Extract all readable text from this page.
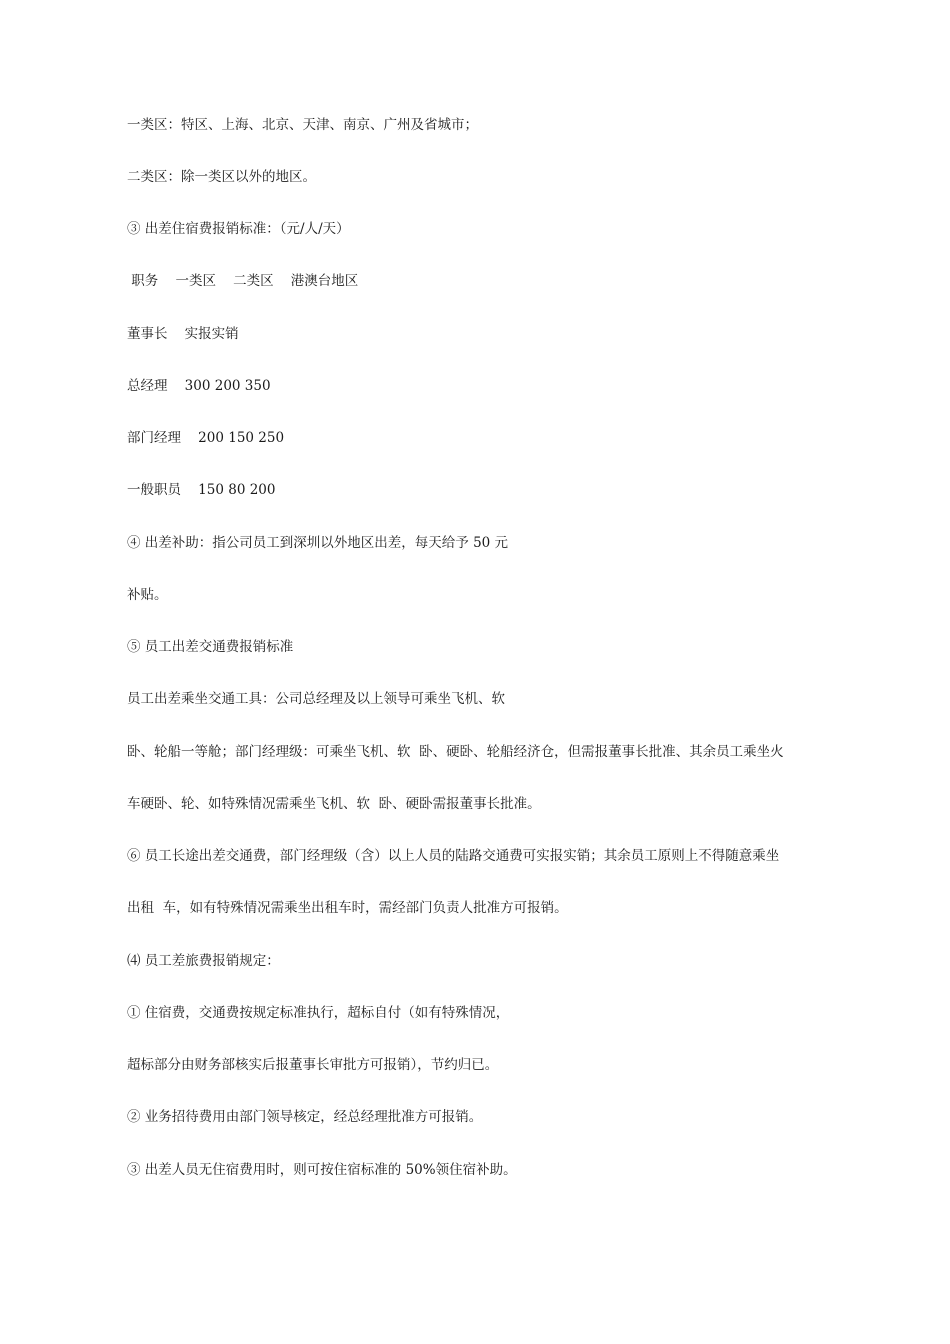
一类区：特区、上海、北京、天津、南京、广州及省城市；
二类区：除一类区以外的地区。
③ 出差住宿费报销标准：（元/人/天）
职务    一类区    二类区    港澳台地区
董事长    实报实销
总经理    300 200 350
部门经理    200 150 250
一般职员    150 80 200
④ 出差补助：指公司员工到深圳以外地区出差，每天给予 50 元
补贴。
⑤ 员工出差交通费报销标准
员工出差乘坐交通工具：公司总经理及以上领导可乘坐飞机、软
卧、轮船一等舱；部门经理级：可乘坐飞机、软  卧、硬卧、轮船经济仓，但需报董事长批准、其余员工乘坐火
车硬卧、轮、如特殊情况需乘坐飞机、软  卧、硬卧需报董事长批准。
⑥ 员工长途出差交通费，部门经理级（含）以上人员的陆路交通费可实报实销；其余员工原则上不得随意乘坐
出租  车，如有特殊情况需乘坐出租车时，需经部门负责人批准方可报销。
⑷ 员工差旅费报销规定：
① 住宿费，交通费按规定标准执行，超标自付（如有特殊情况，
超标部分由财务部核实后报董事长审批方可报销），节约归已。
② 业务招待费用由部门领导核定，经总经理批准方可报销。
③ 出差人员无住宿费用时，则可按住宿标准的 50%领住宿补助。
